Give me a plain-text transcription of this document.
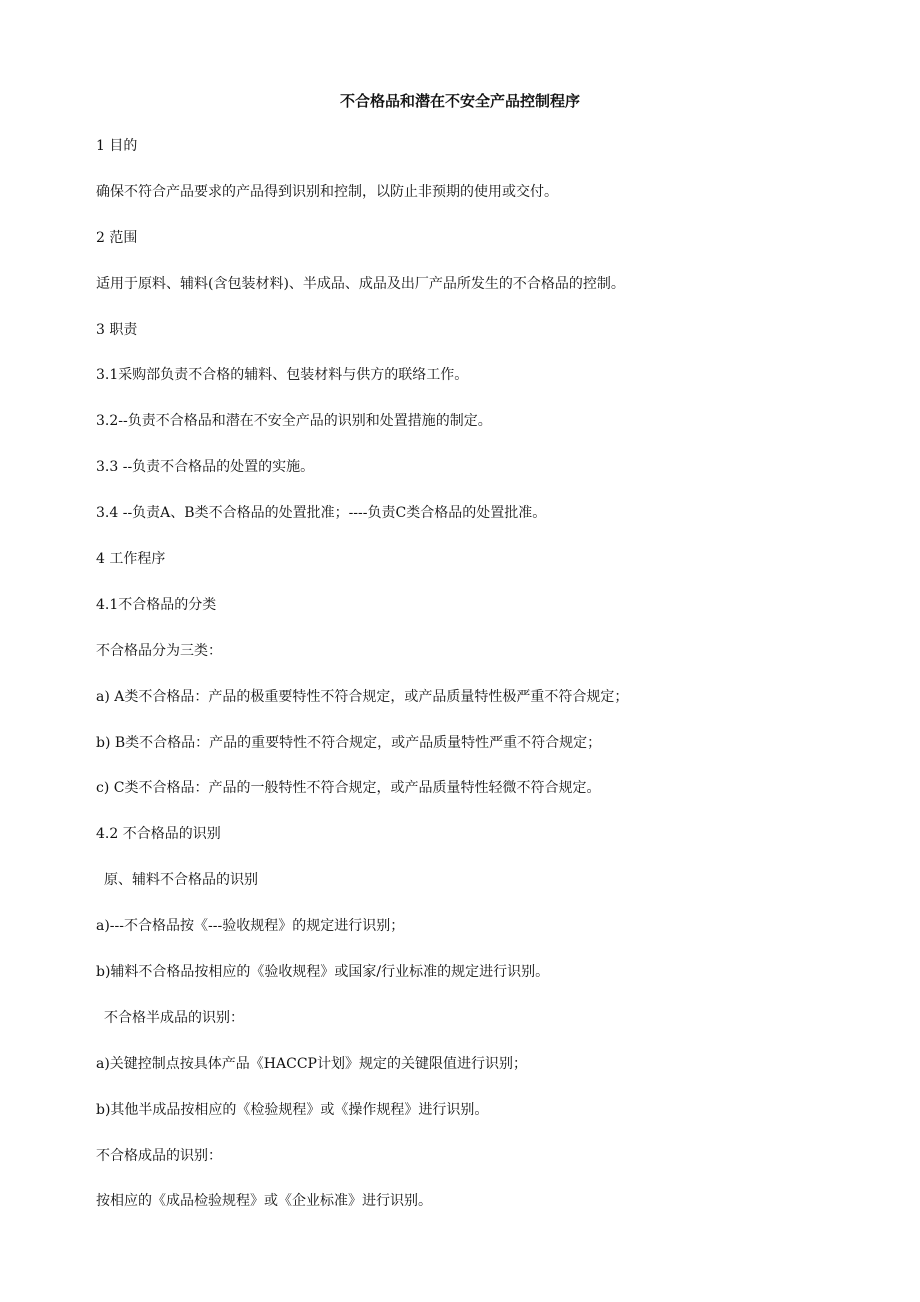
不合格品和潜在不安全产品控制程序

1 目的

确保不符合产品要求的产品得到识别和控制，以防止非预期的使用或交付。

2 范围

适用于原料、辅料(含包装材料)、半成品、成品及出厂产品所发生的不合格品的控制。

3 职责

3.1采购部负责不合格的辅料、包装材料与供方的联络工作。

3.2--负责不合格品和潜在不安全产品的识别和处置措施的制定。

3.3 --负责不合格品的处置的实施。

3.4 --负责A、B类不合格品的处置批准；----负责C类合格品的处置批准。

4 工作程序

4.1不合格品的分类

不合格品分为三类：

a) A类不合格品：产品的极重要特性不符合规定，或产品质量特性极严重不符合规定；

b) B类不合格品：产品的重要特性不符合规定，或产品质量特性严重不符合规定；

c) C类不合格品：产品的一般特性不符合规定，或产品质量特性轻微不符合规定。

4.2 不合格品的识别

原、辅料不合格品的识别

a)---不合格品按《---验收规程》的规定进行识别；

b)辅料不合格品按相应的《验收规程》或国家/行业标准的规定进行识别。

不合格半成品的识别：

a)关键控制点按具体产品《HACCP计划》规定的关键限值进行识别；

b)其他半成品按相应的《检验规程》或《操作规程》进行识别。

不合格成品的识别：

按相应的《成品检验规程》或《企业标准》进行识别。
